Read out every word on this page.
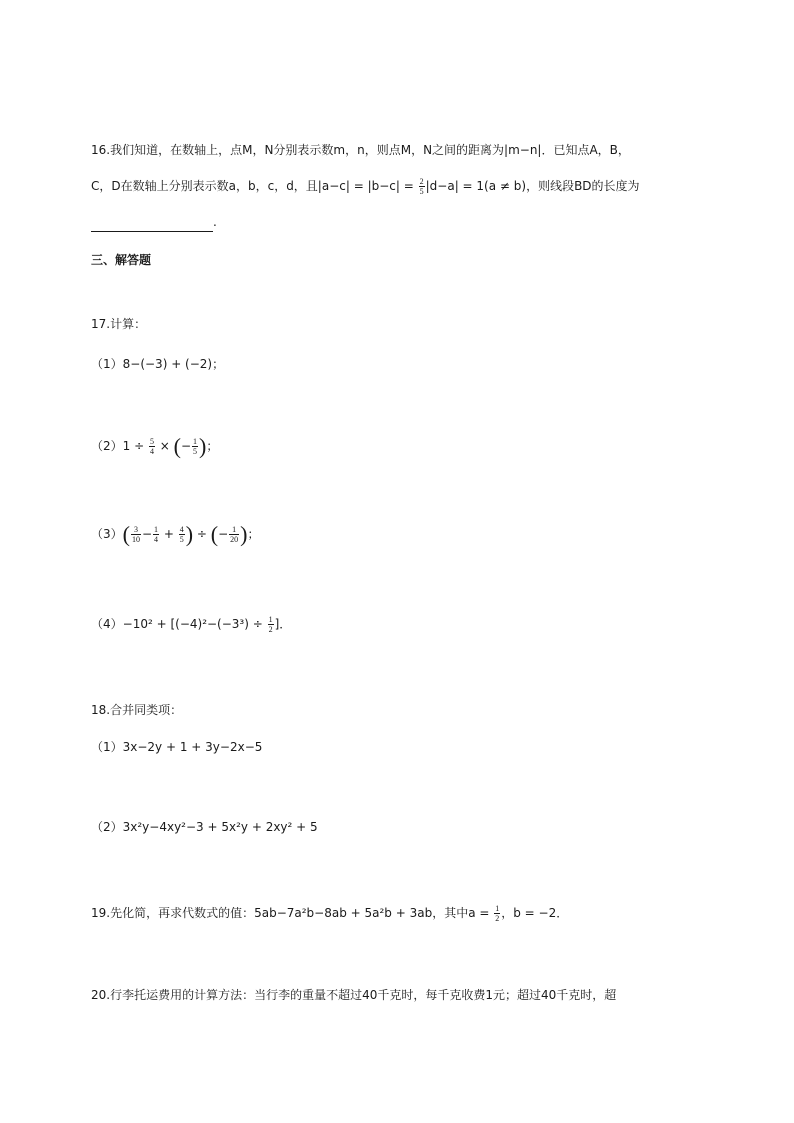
16.我们知道，在数轴上，点M，N分别表示数m，n，则点M，N之间的距离为|m−n|．已知点A，B，
C，D在数轴上分别表示数a，b，c，d，且$|a-c| = |b-c| = \frac{2}{5} |d-a| = 1(a \ne b)$，则线段BD的长度为
.
三、解答题
17.计算：
（1）8−(−3) + (−2)；
$(2)1 \div \frac{5}{4}$ × (− $\frac{1}{5}$ )；
$(3)( \frac{3}{10} - \frac{1}{4} + \frac{4}{5}$ ) ÷ (− $\frac{1}{20}$ )；
$(4)-10^2 + [(-4)^2-(-3^3) \div \frac{1}{2}$ ]．
18.合并同类项：
（1）3x−2y + 1 + 3y−2x−5
（2）3x²y−4xy²−3 + 5x²y + 2xy² + 5
19.先化简，再求代数式的值：5ab−7a²b−8ab + 5a²b + 3ab，其中$a = \frac{1}{2}$ ，b = −2．
20.行李托运费用的计算方法：当行李的重量不超过40千克时，每千克收费1元；超过40千克时，超
